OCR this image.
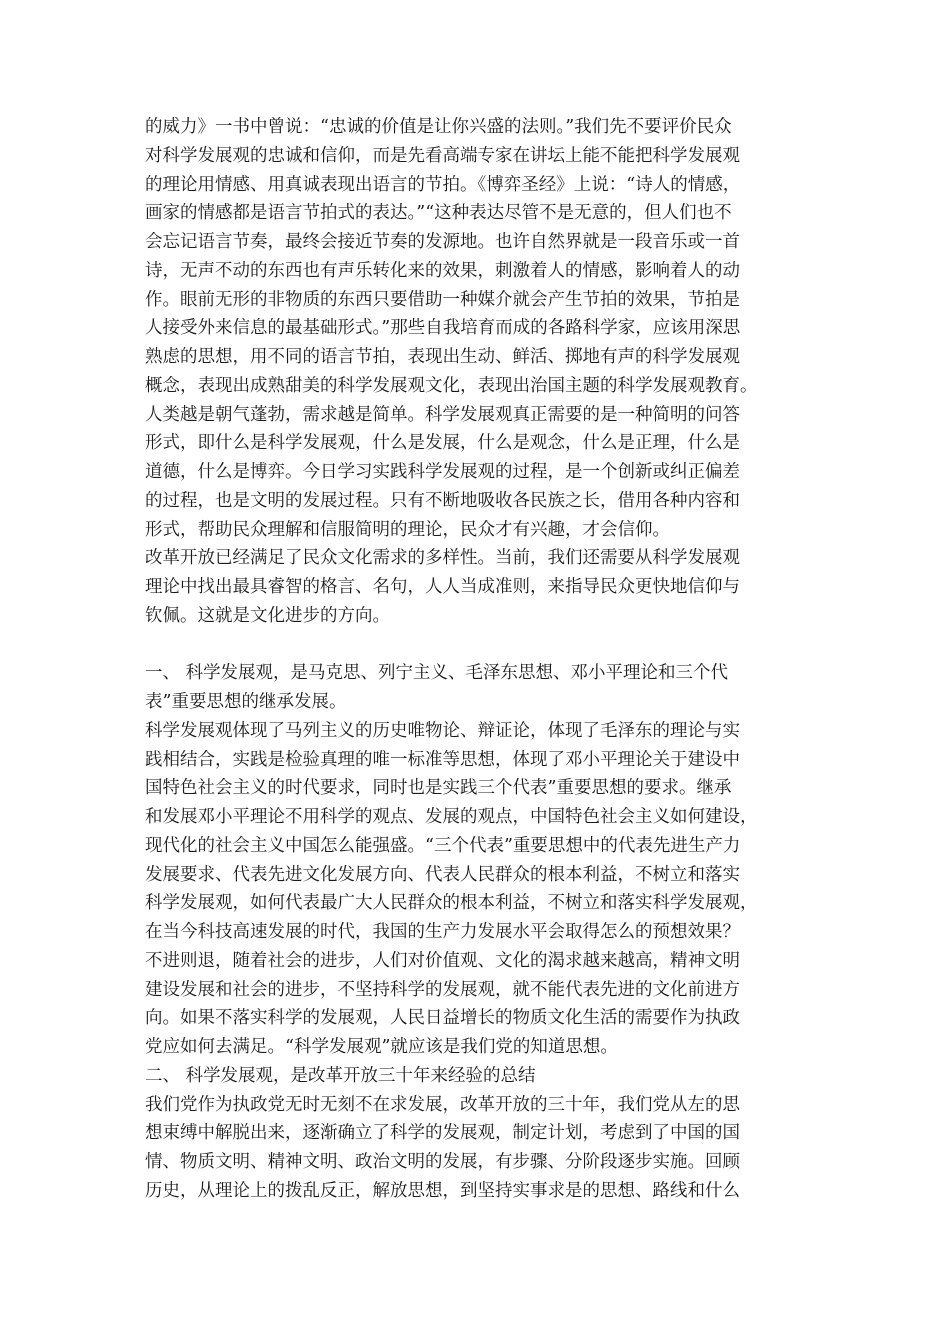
的威力》一书中曾说：“忠诚的价值是让你兴盛的法则。”我们先不要评价民众
对科学发展观的忠诚和信仰，而是先看高端专家在讲坛上能不能把科学发展观
的理论用情感、用真诚表现出语言的节拍。《博弈圣经》上说：“诗人的情感，
画家的情感都是语言节拍式的表达。”“这种表达尽管不是无意的，但人们也不
会忘记语言节奏，最终会接近节奏的发源地。也许自然界就是一段音乐或一首
诗，无声不动的东西也有声乐转化来的效果，刺激着人的情感，影响着人的动
作。眼前无形的非物质的东西只要借助一种媒介就会产生节拍的效果，节拍是
人接受外来信息的最基础形式。”那些自我培育而成的各路科学家，应该用深思
熟虑的思想，用不同的语言节拍，表现出生动、鲜活、掷地有声的科学发展观
概念，表现出成熟甜美的科学发展观文化，表现出治国主题的科学发展观教育。
人类越是朝气蓬勃，需求越是简单。科学发展观真正需要的是一种简明的问答
形式，即什么是科学发展观，什么是发展，什么是观念，什么是正理，什么是
道德，什么是博弈。今日学习实践科学发展观的过程，是一个创新或纠正偏差
的过程，也是文明的发展过程。只有不断地吸收各民族之长，借用各种内容和
形式，帮助民众理解和信服简明的理论，民众才有兴趣，才会信仰。
改革开放已经满足了民众文化需求的多样性。当前，我们还需要从科学发展观
理论中找出最具睿智的格言、名句，人人当成准则，来指导民众更快地信仰与
钦佩。这就是文化进步的方向。
一、 科学发展观，是马克思、列宁主义、毛泽东思想、邓小平理论和三个代
表”重要思想的继承发展。
科学发展观体现了马列主义的历史唯物论、辩证论，体现了毛泽东的理论与实
践相结合，实践是检验真理的唯一标准等思想，体现了邓小平理论关于建设中
国特色社会主义的时代要求，同时也是实践三个代表”重要思想的要求。继承
和发展邓小平理论不用科学的观点、发展的观点，中国特色社会主义如何建设，
现代化的社会主义中国怎么能强盛。“三个代表”重要思想中的代表先进生产力
发展要求、代表先进文化发展方向、代表人民群众的根本利益，不树立和落实
科学发展观，如何代表最广大人民群众的根本利益，不树立和落实科学发展观，
在当今科技高速发展的时代，我国的生产力发展水平会取得怎么的预想效果？
不进则退，随着社会的进步，人们对价值观、文化的渴求越来越高，精神文明
建设发展和社会的进步，不坚持科学的发展观，就不能代表先进的文化前进方
向。如果不落实科学的发展观，人民日益增长的物质文化生活的需要作为执政
党应如何去满足。“科学发展观”就应该是我们党的知道思想。
二、 科学发展观，是改革开放三十年来经验的总结
我们党作为执政党无时无刻不在求发展，改革开放的三十年，我们党从左的思
想束缚中解脱出来，逐渐确立了科学的发展观，制定计划，考虑到了中国的国
情、物质文明、精神文明、政治文明的发展，有步骤、分阶段逐步实施。回顾
历史，从理论上的拨乱反正，解放思想，到坚持实事求是的思想、路线和什么
